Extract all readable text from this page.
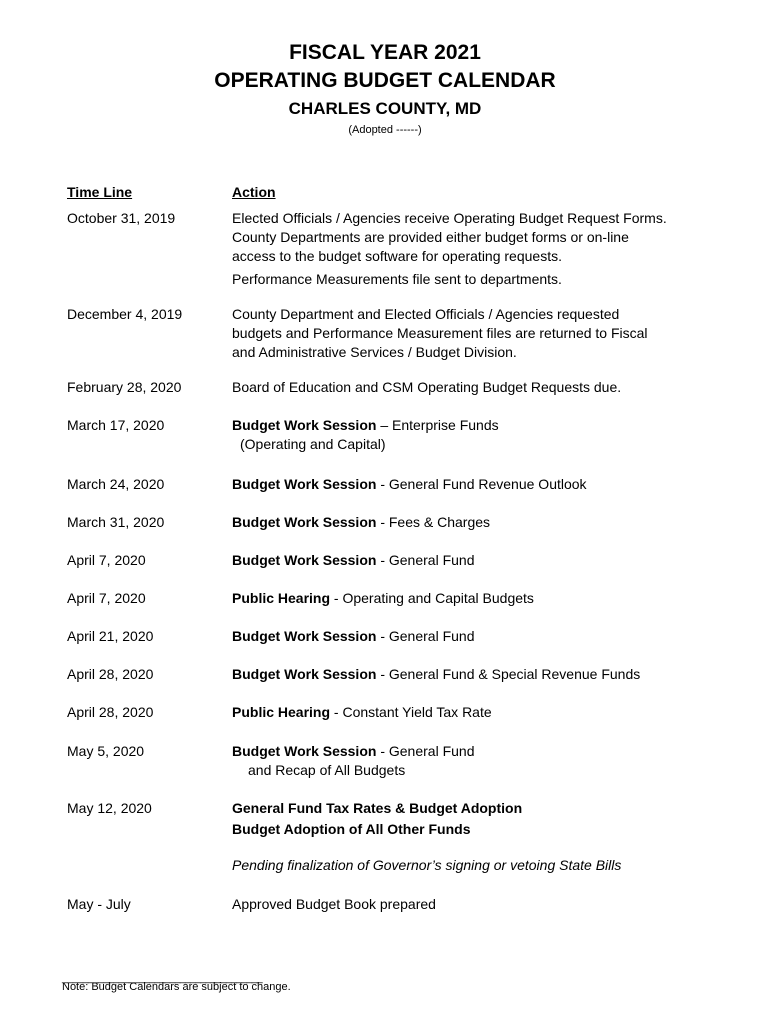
FISCAL YEAR 2021
OPERATING BUDGET CALENDAR
CHARLES COUNTY, MD
(Adopted ------)
Time Line	Action
October 31, 2019	Elected Officials / Agencies receive Operating Budget Request Forms.
County Departments are provided either budget forms or on-line
access to the budget software for operating requests.
Performance Measurements file sent to departments.
December 4, 2019	County Department and Elected Officials / Agencies requested
budgets and Performance Measurement files are returned to Fiscal
and Administrative Services / Budget Division.
February 28, 2020	Board of Education and CSM Operating Budget Requests due.
March 17, 2020	Budget Work Session – Enterprise Funds
(Operating and Capital)
March 24, 2020	Budget Work Session - General Fund Revenue Outlook
March 31, 2020	Budget Work Session - Fees & Charges
April 7, 2020	Budget Work Session - General Fund
April 7, 2020	Public Hearing - Operating and Capital Budgets
April 21, 2020	Budget Work Session - General Fund
April 28, 2020	Budget Work Session - General Fund & Special Revenue Funds
April 28, 2020	Public Hearing - Constant Yield Tax Rate
May 5, 2020	Budget Work Session - General Fund
and Recap of All Budgets
May 12, 2020	General Fund Tax Rates & Budget Adoption
Budget Adoption of All Other Funds
Pending finalization of Governor’s signing or vetoing State Bills
May - July	Approved Budget Book prepared
_______________________________________
Note: Budget Calendars are subject to change.
